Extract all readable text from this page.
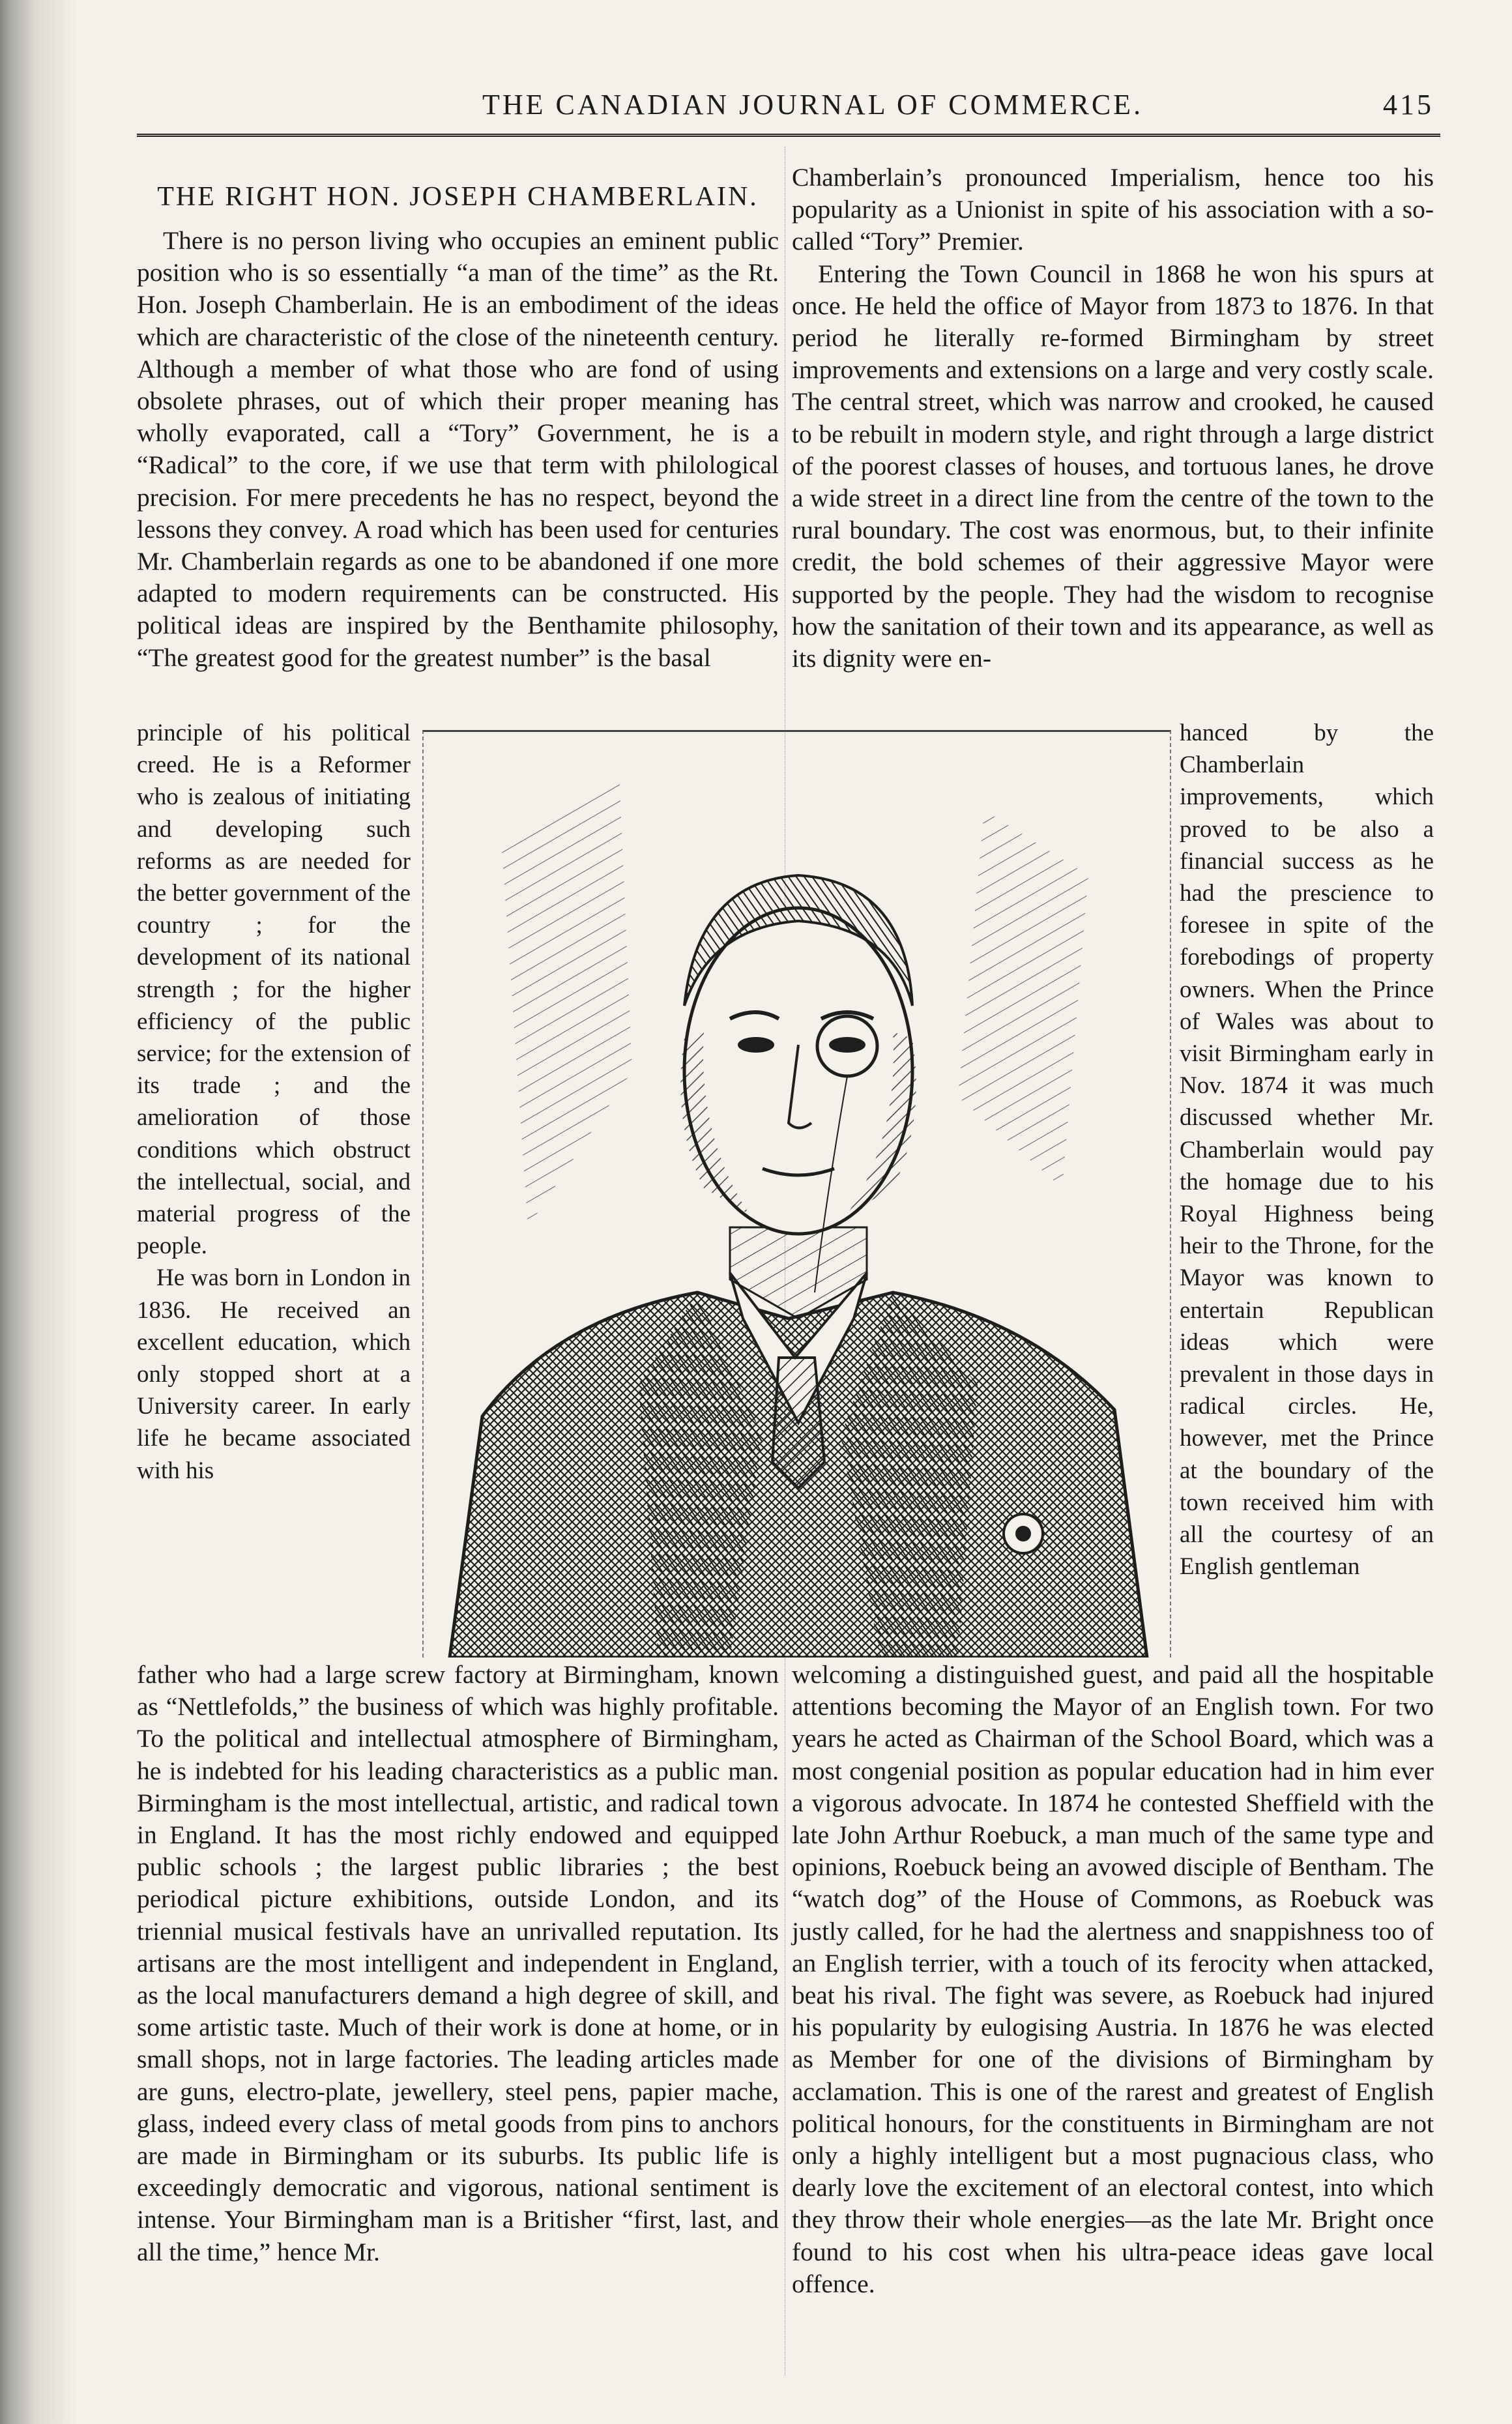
THE CANADIAN JOURNAL OF COMMERCE.	415
THE RIGHT HON. JOSEPH CHAMBERLAIN.

There is no person living who occupies an eminent public position who is so essentially “a man of the time” as the Rt. Hon. Joseph Chamberlain. He is an embodiment of the ideas which are characteristic of the close of the nineteenth century. Although a member of what those who are fond of using obsolete phrases, out of which their proper meaning has wholly evaporated, call a “Tory” Government, he is a “Radical” to the core, if we use that term with philological precision. For mere precedents he has no respect, beyond the lessons they convey. A road which has been used for centuries Mr. Chamberlain regards as one to be abandoned if one more adapted to modern requirements can be constructed. His political ideas are inspired by the Benthamite philosophy, “The greatest good for the greatest number” is the basal

principle of his political creed. He is a Reformer who is zealous of initiating and developing such reforms as are needed for the better government of the country ; for the development of its national strength ; for the higher efficiency of the public service; for the extension of its trade ; and the amelioration of those conditions which obstruct the intellectual, social, and material progress of the people.

He was born in London in 1836. He received an excellent education, which only stopped short at a University career. In early life he became associated with his

father who had a large screw factory at Birmingham, known as “Nettlefolds,” the business of which was highly profitable. To the political and intellectual atmosphere of Birmingham, he is indebted for his leading characteristics as a public man. Birmingham is the most intellectual, artistic, and radical town in England. It has the most richly endowed and equipped public schools ; the largest public libraries ; the best periodical picture exhibitions, outside London, and its triennial musical festivals have an unrivalled reputation. Its artisans are the most intelligent and independent in England, as the local manufacturers demand a high degree of skill, and some artistic taste. Much of their work is done at home, or in small shops, not in large factories. The leading articles made are guns, electro-plate, jewellery, steel pens, papier mache, glass, indeed every class of metal goods from pins to anchors are made in Birmingham or its suburbs. Its public life is exceedingly democratic and vigorous, national sentiment is intense. Your Birmingham man is a Britisher “first, last, and all the time,” hence Mr.

Chamberlain’s pronounced Imperialism, hence too his popularity as a Unionist in spite of his association with a so-called “Tory” Premier.

Entering the Town Council in 1868 he won his spurs at once. He held the office of Mayor from 1873 to 1876. In that period he literally re-formed Birmingham by street improvements and extensions on a large and very costly scale. The central street, which was narrow and crooked, he caused to be rebuilt in modern style, and right through a large district of the poorest classes of houses, and tortuous lanes, he drove a wide street in a direct line from the centre of the town to the rural boundary. The cost was enormous, but, to their infinite credit, the bold schemes of their aggressive Mayor were supported by the people. They had the wisdom to recognise how the sanitation of their town and its appearance, as well as its dignity were en-

hanced by the Chamberlain improvements, which proved to be also a financial success as he had the prescience to foresee in spite of the forebodings of property owners. When the Prince of Wales was about to visit Birmingham early in Nov. 1874 it was much discussed whether Mr. Chamberlain would pay the homage due to his Royal Highness being heir to the Throne, for the Mayor was known to entertain Republican ideas which were prevalent in those days in radical circles. He, however, met the Prince at the boundary of the town received him with all the courtesy of an English gentleman

welcoming a distinguished guest, and paid all the hospitable attentions becoming the Mayor of an English town. For two years he acted as Chairman of the School Board, which was a most congenial position as popular education had in him ever a vigorous advocate. In 1874 he contested Sheffield with the late John Arthur Roebuck, a man much of the same type and opinions, Roebuck being an avowed disciple of Bentham. The “watch dog” of the House of Commons, as Roebuck was justly called, for he had the alertness and snappishness too of an English terrier, with a touch of its ferocity when attacked, beat his rival. The fight was severe, as Roebuck had injured his popularity by eulogising Austria. In 1876 he was elected as Member for one of the divisions of Birmingham by acclamation. This is one of the rarest and greatest of English political honours, for the constituents in Birmingham are not only a highly intelligent but a most pugnacious class, who dearly love the excitement of an electoral contest, into which they throw their whole energies—as the late Mr. Bright once found to his cost when his ultra-peace ideas gave local offence.
